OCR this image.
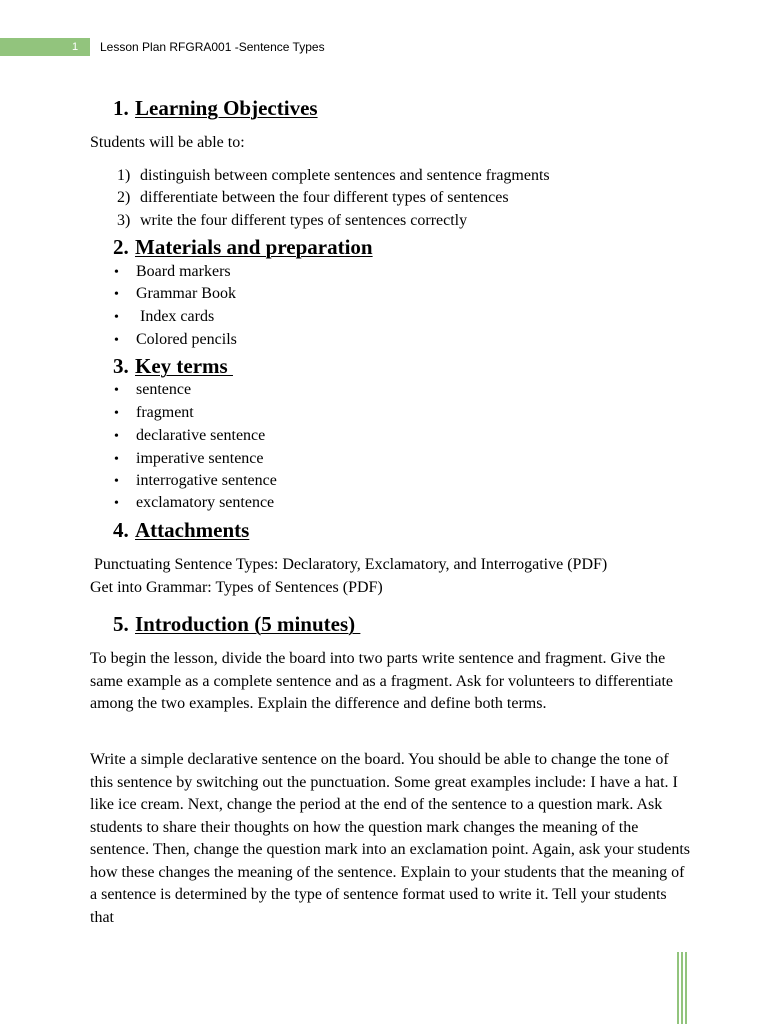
1 Lesson Plan RFGRA001 -Sentence Types
1. Learning Objectives
Students will be able to:
1) distinguish between complete sentences and sentence fragments
2) differentiate between the four different types of sentences
3) write the four different types of sentences correctly
2. Materials and preparation
• Board markers
• Grammar Book
• Index cards
• Colored pencils
3. Key terms
• sentence
• fragment
• declarative sentence
• imperative sentence
• interrogative sentence
• exclamatory sentence
4. Attachments
Punctuating Sentence Types: Declaratory, Exclamatory, and Interrogative (PDF)
Get into Grammar: Types of Sentences (PDF)
5. Introduction (5 minutes)

To begin the lesson, divide the board into two parts write sentence and fragment. Give the same example as a complete sentence and as a fragment. Ask for volunteers to differentiate among the two examples. Explain the difference and define both terms.

Write a simple declarative sentence on the board. You should be able to change the tone of this sentence by switching out the punctuation. Some great examples include: I have a hat. I like ice cream. Next, change the period at the end of the sentence to a question mark. Ask students to share their thoughts on how the question mark changes the meaning of the sentence. Then, change the question mark into an exclamation point. Again, ask your students how these changes the meaning of the sentence. Explain to your students that the meaning of a sentence is determined by the type of sentence format used to write it. Tell your students that
